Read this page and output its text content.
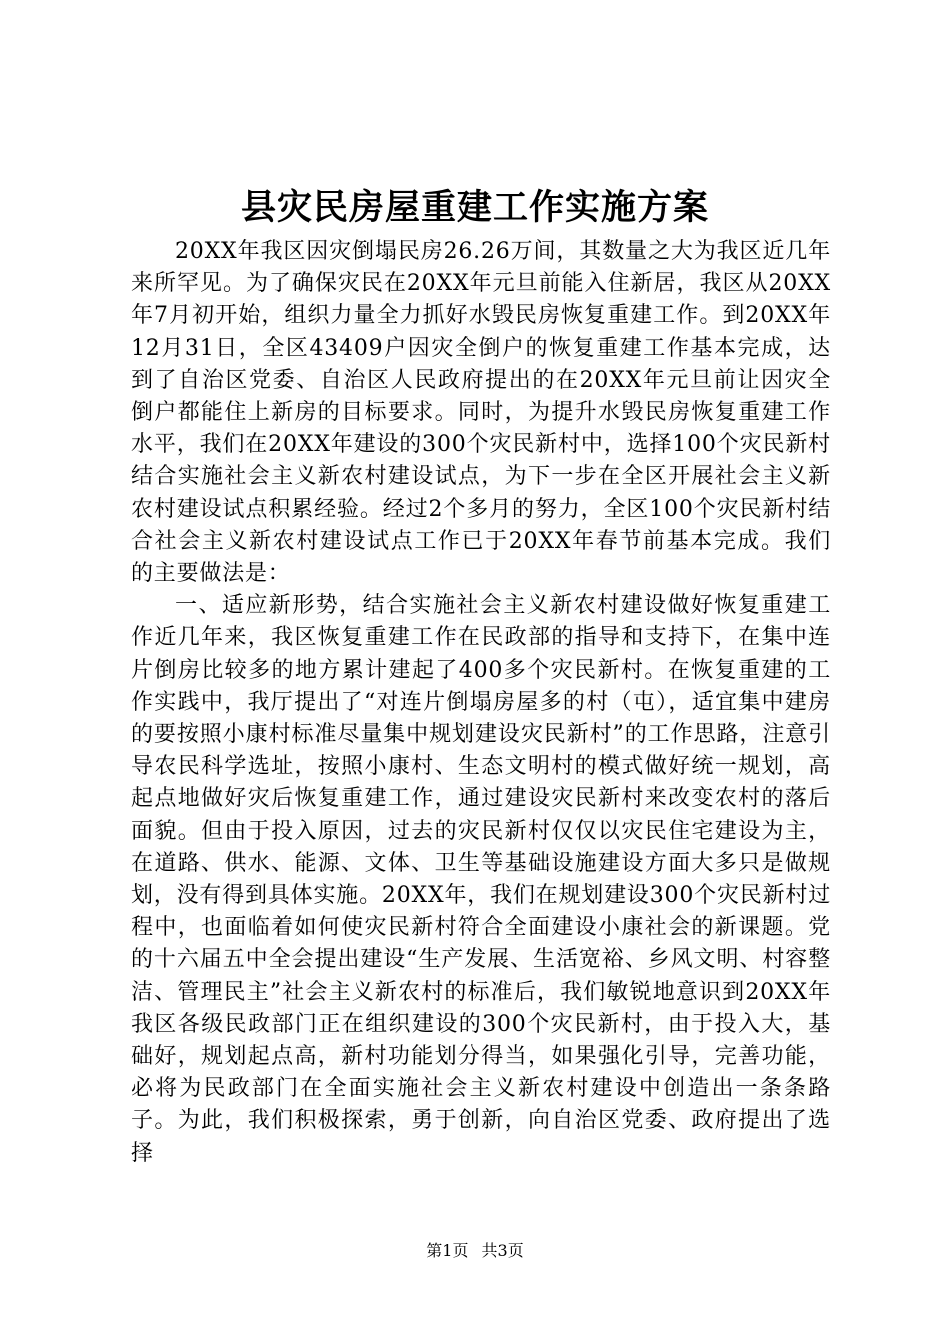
县灾民房屋重建工作实施方案

20XX年我区因灾倒塌民房26.26万间，其数量之大为我区近几年来所罕见。为了确保灾民在20XX年元旦前能入住新居，我区从20XX年7月初开始，组织力量全力抓好水毁民房恢复重建工作。到20XX年12月31日，全区43409户因灾全倒户的恢复重建工作基本完成，达到了自治区党委、自治区人民政府提出的在20XX年元旦前让因灾全倒户都能住上新房的目标要求。同时，为提升水毁民房恢复重建工作水平，我们在20XX年建设的300个灾民新村中，选择100个灾民新村结合实施社会主义新农村建设试点，为下一步在全区开展社会主义新农村建设试点积累经验。经过2个多月的努力，全区100个灾民新村结合社会主义新农村建设试点工作已于20XX年春节前基本完成。我们的主要做法是：

一、适应新形势，结合实施社会主义新农村建设做好恢复重建工作近几年来，我区恢复重建工作在民政部的指导和支持下，在集中连片倒房比较多的地方累计建起了400多个灾民新村。在恢复重建的工作实践中，我厅提出了“对连片倒塌房屋多的村（屯），适宜集中建房的要按照小康村标准尽量集中规划建设灾民新村”的工作思路，注意引导农民科学选址，按照小康村、生态文明村的模式做好统一规划，高起点地做好灾后恢复重建工作，通过建设灾民新村来改变农村的落后面貌。但由于投入原因，过去的灾民新村仅仅以灾民住宅建设为主，在道路、供水、能源、文体、卫生等基础设施建设方面大多只是做规划，没有得到具体实施。20XX年，我们在规划建设300个灾民新村过程中，也面临着如何使灾民新村符合全面建设小康社会的新课题。党的十六届五中全会提出建设“生产发展、生活宽裕、乡风文明、村容整洁、管理民主”社会主义新农村的标准后，我们敏锐地意识到20XX年我区各级民政部门正在组织建设的300个灾民新村，由于投入大，基础好，规划起点高，新村功能划分得当，如果强化引导，完善功能，必将为民政部门在全面实施社会主义新农村建设中创造出一条条路子。为此，我们积极探索，勇于创新，向自治区党委、政府提出了选择

第1页 共3页
